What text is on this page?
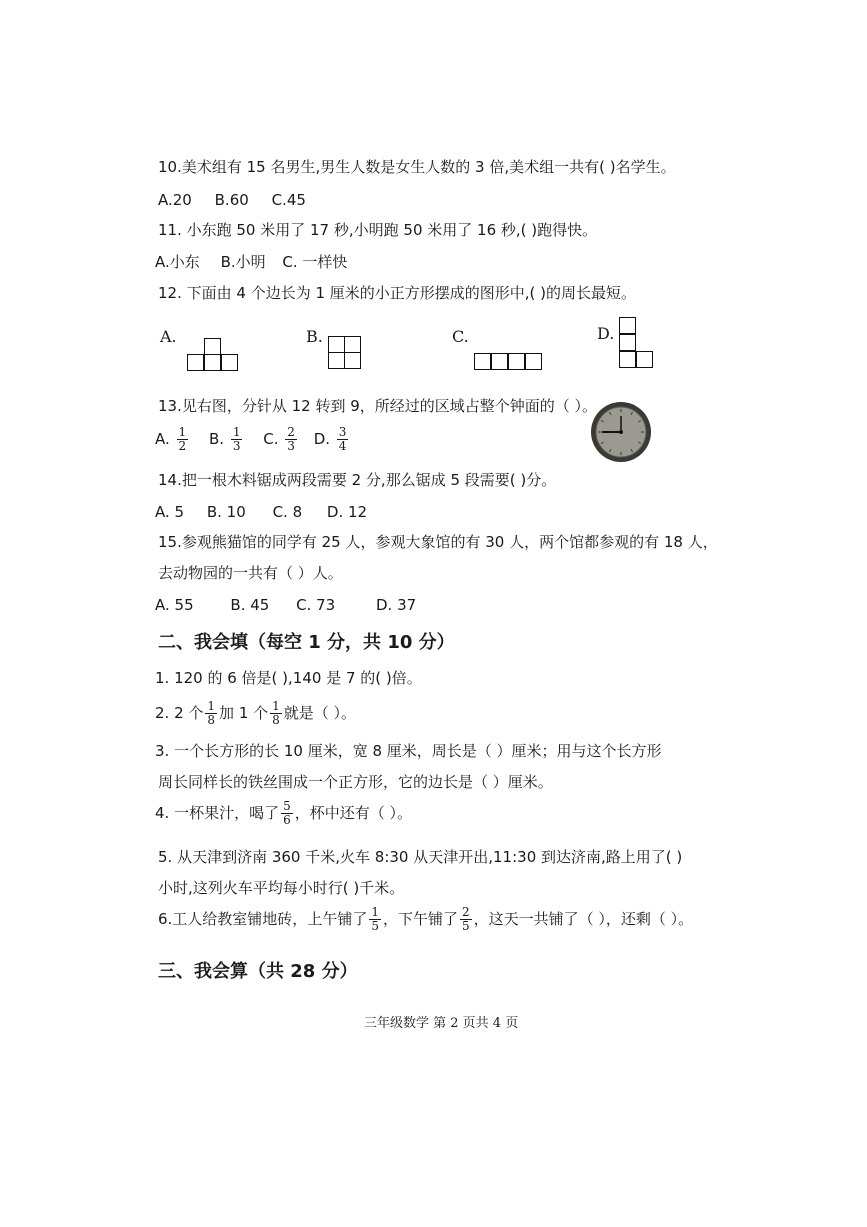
10.美术组有 15 名男生,男生人数是女生人数的 3 倍,美术组一共有( )名学生。
A.20 B.60 C.45
11. 小东跑 50 米用了 17 秒,小明跑 50 米用了 16 秒,( )跑得快。
A.小东 B.小明 C. 一样快
12. 下面由 4 个边长为 1 厘米的小正方形摆成的图形中,( )的周长最短。
A.	B.	C.	D.
13.见右图，分针从 12 转到 9，所经过的区域占整个钟面的（ ）。
A. $\frac{1}{2} B$. $\frac{1}{3} C$. $\frac{2}{3} D$. $\frac{3}{4}$
14.把一根木料锯成两段需要 2 分,那么锯成 5 段需要( )分。
A. 5 B. 10 C. 8 D. 12
15.参观熊猫馆的同学有 25 人，参观大象馆的有 30 人，两个馆都参观的有 18 人，
去动物园的一共有（ ）人。
A. 55 B. 45 C. 73	D. 37
二、我会填（每空 1 分，共 10 分）
1. 120 的 6 倍是( ),140 是 7 的( )倍。
2. 2 个 $\frac{1}{8}$ 加 1 个 $\frac{1}{8}$ 就是（ ）。
3. 一个长方形的长 10 厘米，宽 8 厘米，周长是（ ）厘米；用与这个长方形
周长同样长的铁丝围成一个正方形，它的边长是（ ）厘米。
4. 一杯果汁，喝了 $\frac{5}{6}$ ，杯中还有（ ）。
5. 从天津到济南 360 千米,火车 8:30 从天津开出,11:30 到达济南,路上用了( )
小时,这列火车平均每小时行( )千米。
6.工人给教室铺地砖，上午铺了 $\frac{1}{5}$ ，下午铺了 $\frac{2}{5}$ ，这天一共铺了（ ），还剩（ ）。
三、我会算（共 28 分）
三年级数学 第 2 页共 4 页
